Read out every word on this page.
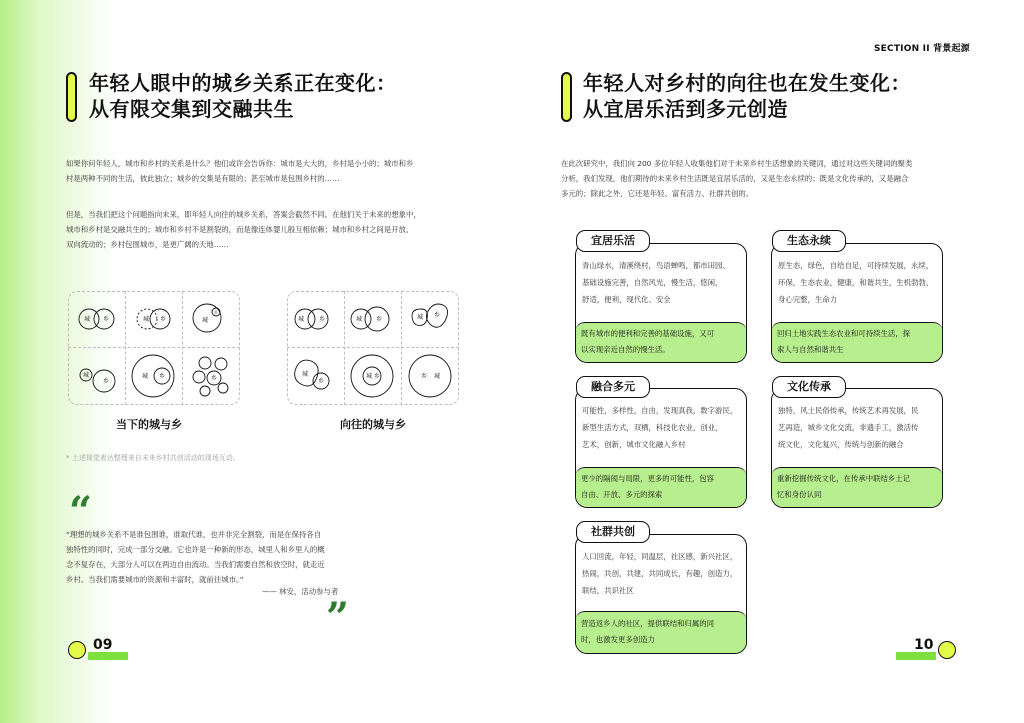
SECTION II 背景起源
年轻人眼中的城乡关系正在变化：
从有限交集到交融共生
如果你问年轻人，城市和乡村的关系是什么？他们或许会告诉你：城市是大大的，乡村是小小的；城市和乡
村是两种不同的生活，彼此独立；城乡的交集是有限的；甚至城市是包围乡村的……
但是，当我们把这个问题指向未来，即年轻人向往的城乡关系，答案会截然不同。在他们关于未来的想象中，
城市和乡村是交融共生的；城市和乡村不是割裂的，而是像连体婴儿般互相依赖；城市和乡村之间是开放、
双向流动的；乡村包围城市，是更广阔的天地……
城 乡	城 乡	城
乡
城
乡
城 乡	乡
当下的城与乡
城 乡	城 乡	城 乡
城
乡
城 乡	乡 城
向往的城与乡
* 上述视觉表达整理来自未来乡村共创活动的现场互动。
“
“理想的城乡关系不是谁包围谁，谁取代谁，也并非完全割裂，而是在保持各自
独特性的同时，完成一部分交融。它也许是一种新的形态，城里人和乡里人的概
念不复存在，大部分人可以在两边自由流动。当我们需要自然和放空时，就走近
乡村。当我们需要城市的资源和丰富时，就前往城市。”
—— 林安，活动参与者
”
09
年轻人对乡村的向往也在发生变化：
从宜居乐活到多元创造
在此次研究中，我们向 200 多位年轻人收集他们对于未来乡村生活想象的关键词，通过对这些关键词的聚类
分析，我们发现，他们期待的未来乡村生活既是宜居乐活的，又是生态永续的；既是文化传承的，又是融合
多元的；除此之外，它还是年轻、富有活力、社群共创的。
青山绿水，清溪绕村，鸟语蝉鸣，都市田园、
基础设施完善，自然风光，慢生活，悠闲，
舒适，便利，现代化、安全
既有城市的便利和完善的基础设施，又可
以实现亲近自然的慢生活。
宜居乐活
原生态，绿色，自给自足，可持续发展，永续，
环保，生态农业，健康，和谐共生，生机勃勃，
身心完整，生命力
回归土地实践生态农业和可持续生活，探
索人与自然和谐共生
生态永续
可能性，多样性，自由，发现真我，数字游民，
新型生活方式，双栖，科技化农业，创业，
艺术，创新，城市文化融入乡村
更少的隔阂与局限，更多的可能性，包容
自由、开放、多元的探索
融合多元
独特，风土民俗传承，传统艺术再发展，民
艺再造，城乡文化交流，非遗手工，激活传
统文化，文化复兴，传统与创新的融合
重新挖掘传统文化，在传承中联结乡土记
忆和身份认同
文化传承
人口回流，年轻，同温层，社区感，新兴社区，
热闹，共创，共建，共同成长，有趣，创造力，
联结，共识社区
营造返乡人的社区，提供联结和归属的同
时，也激发更多创造力
社群共创
10
